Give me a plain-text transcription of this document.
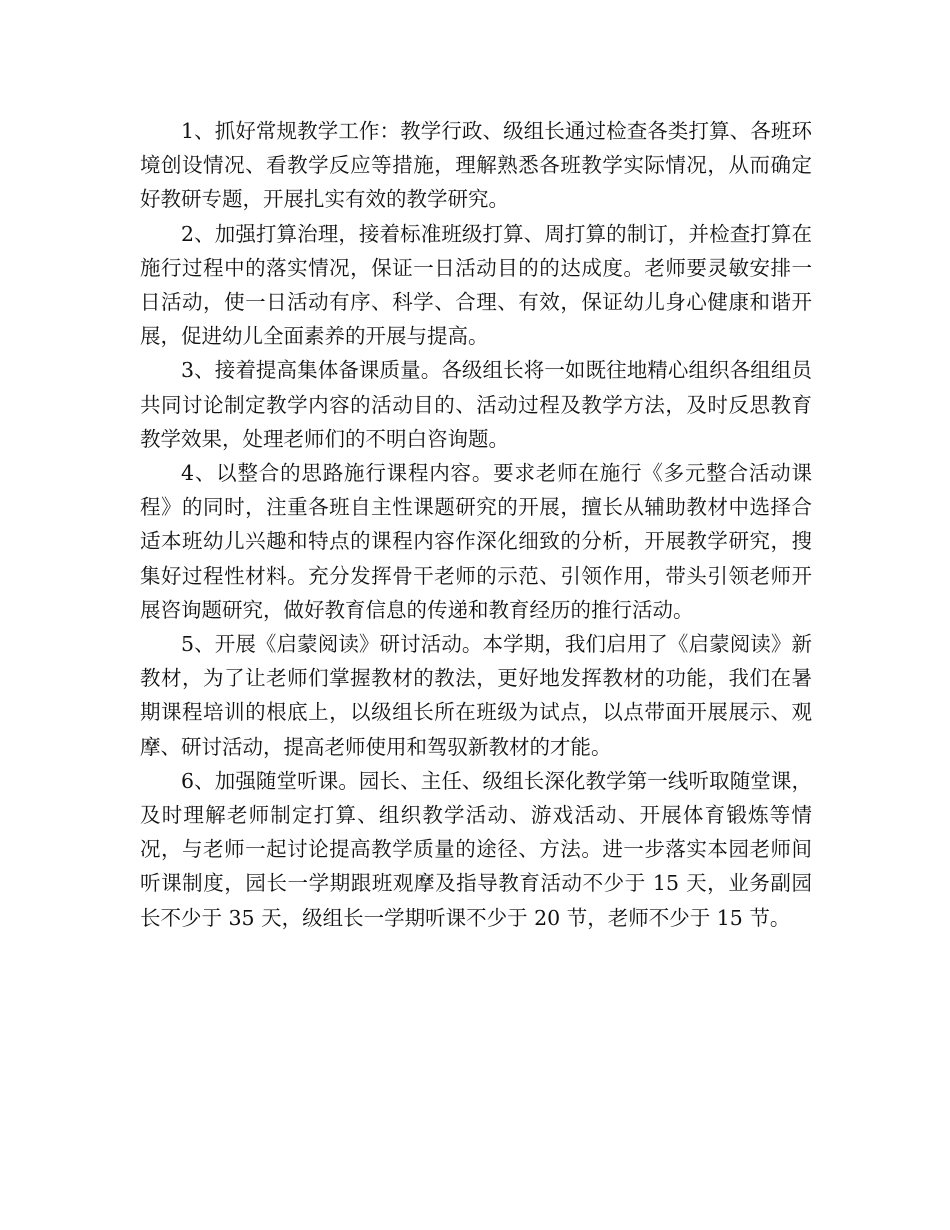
1、抓好常规教学工作：教学行政、级组长通过检查各类打算、各班环境创设情况、看教学反应等措施，理解熟悉各班教学实际情况，从而确定好教研专题，开展扎实有效的教学研究。

2、加强打算治理，接着标准班级打算、周打算的制订，并检查打算在施行过程中的落实情况，保证一日活动目的的达成度。老师要灵敏安排一日活动，使一日活动有序、科学、合理、有效，保证幼儿身心健康和谐开展，促进幼儿全面素养的开展与提高。

3、接着提高集体备课质量。各级组长将一如既往地精心组织各组组员共同讨论制定教学内容的活动目的、活动过程及教学方法，及时反思教育教学效果，处理老师们的不明白咨询题。

4、以整合的思路施行课程内容。要求老师在施行《多元整合活动课程》的同时，注重各班自主性课题研究的开展，擅长从辅助教材中选择合适本班幼儿兴趣和特点的课程内容作深化细致的分析，开展教学研究，搜集好过程性材料。充分发挥骨干老师的示范、引领作用，带头引领老师开展咨询题研究，做好教育信息的传递和教育经历的推行活动。

5、开展《启蒙阅读》研讨活动。本学期，我们启用了《启蒙阅读》新教材，为了让老师们掌握教材的教法，更好地发挥教材的功能，我们在暑期课程培训的根底上，以级组长所在班级为试点，以点带面开展展示、观摩、研讨活动，提高老师使用和驾驭新教材的才能。

6、加强随堂听课。园长、主任、级组长深化教学第一线听取随堂课，及时理解老师制定打算、组织教学活动、游戏活动、开展体育锻炼等情况，与老师一起讨论提高教学质量的途径、方法。进一步落实本园老师间听课制度，园长一学期跟班观摩及指导教育活动不少于 15 天，业务副园长不少于 35 天，级组长一学期听课不少于 20 节，老师不少于 15 节。
